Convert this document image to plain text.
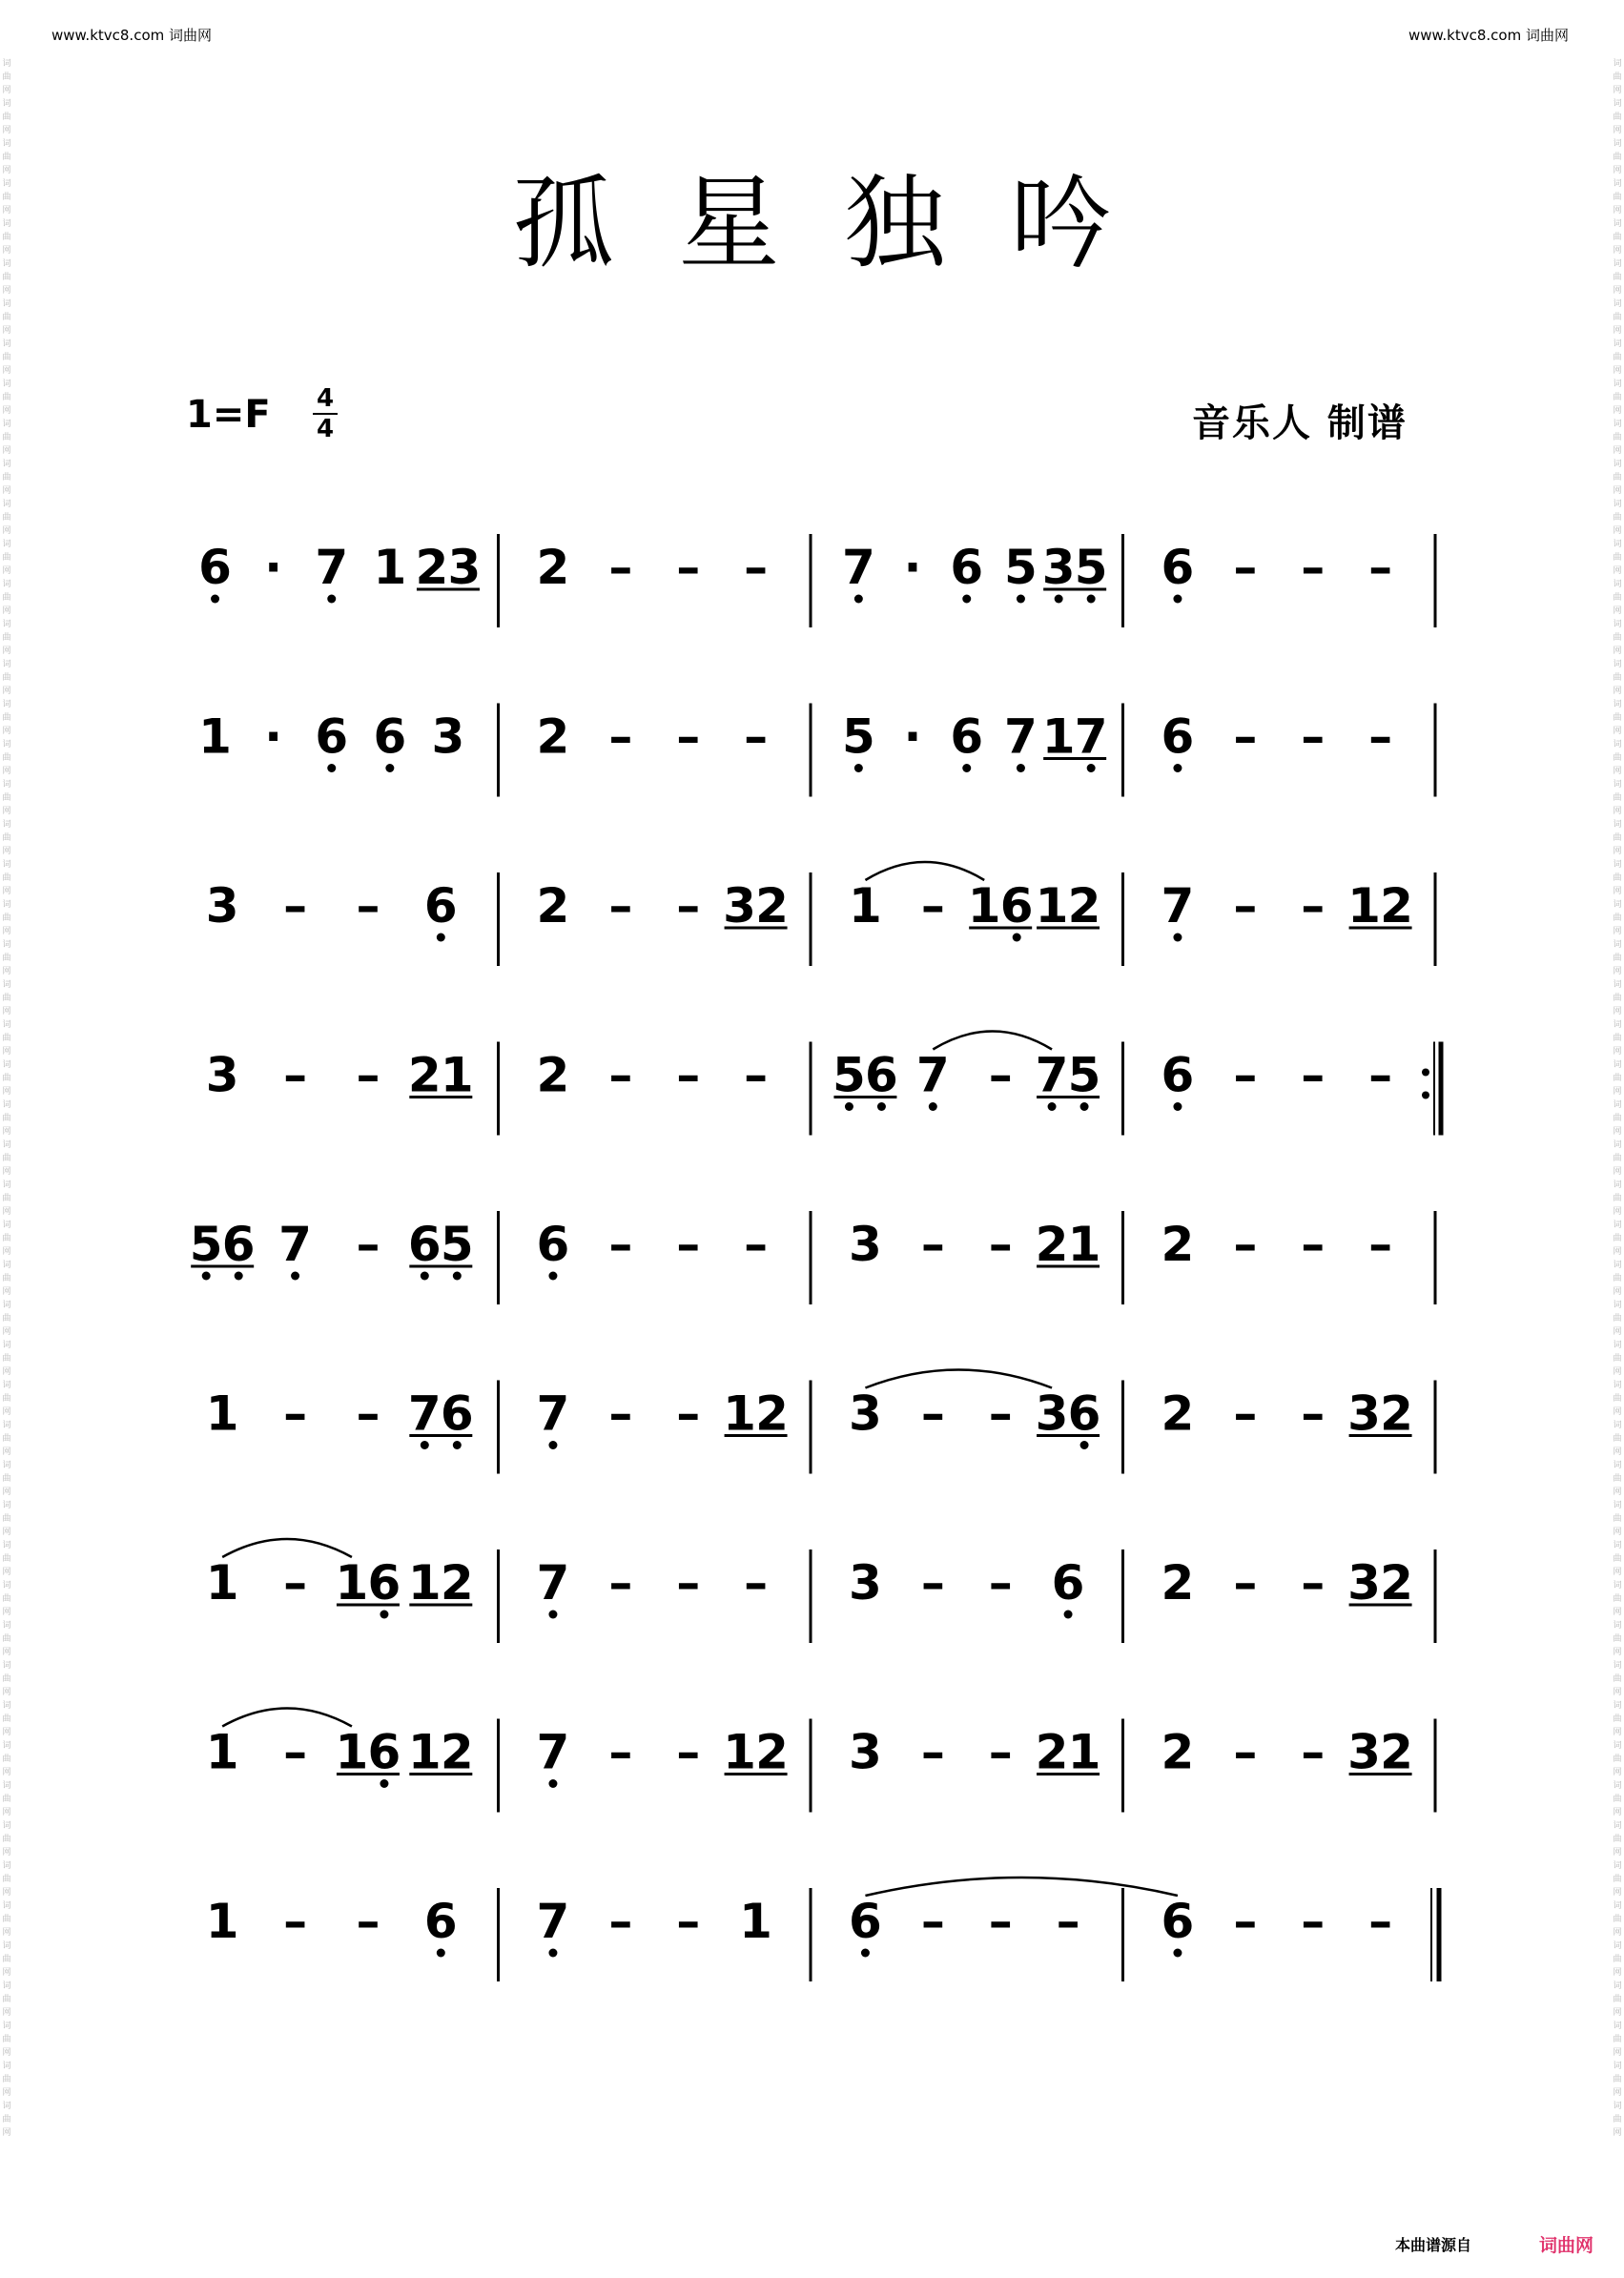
www.ktvc8.com 词曲网	www.ktvc8.com 词曲网
词曲网词曲网词曲网词曲网词曲网词曲网词曲网词曲网词曲网词曲网词曲网词曲网词曲网词曲网词曲网词曲网词曲网词曲网词曲网词曲网词曲网词曲网词曲网词曲网词曲网词曲网词曲网词曲网词曲网词曲网词曲网词曲网词曲网词曲网词曲网词曲网词曲网词曲网词曲网词曲网词曲网词曲网词曲网词曲网词曲网词曲网词曲网词曲网词曲网词曲网词曲网词曲网
词曲网词曲网词曲网词曲网词曲网词曲网词曲网词曲网词曲网词曲网词曲网词曲网词曲网词曲网词曲网词曲网词曲网词曲网词曲网词曲网词曲网词曲网词曲网词曲网词曲网词曲网词曲网词曲网词曲网词曲网词曲网词曲网词曲网词曲网词曲网词曲网词曲网词曲网词曲网词曲网词曲网词曲网词曲网词曲网词曲网词曲网词曲网词曲网词曲网词曲网词曲网词曲网
孤星独吟
1=F 4
4	音乐人 制谱
6 · 7 1 2 3 2 – – – 7 · 6 5 3 5 6 – – –
1 · 6 6 3 2 – – – 5 · 6 7 1 7 6 – – –
3 – – 6 2 – – 3 2 1 – 1 6 1 2 7 – – 1 2
3 – – 2 1 2 – – – 5 6 7 – 7 5 6 – – –
5 6 7 – 6 5 6 – – – 3 – – 2 1 2 – – –
1 – – 7 6 7 – – 1 2 3 – – 3 6 2 – – 3 2
1 – 1 6 1 2 7 – – – 3 – – 6 2 – – 3 2
1 – 1 6 1 2 7 – – 1 2 3 – – 2 1 2 – – 3 2
1 – – 6 7 – – 1 6 – – – 6 – – –
本曲谱源自	词曲网
